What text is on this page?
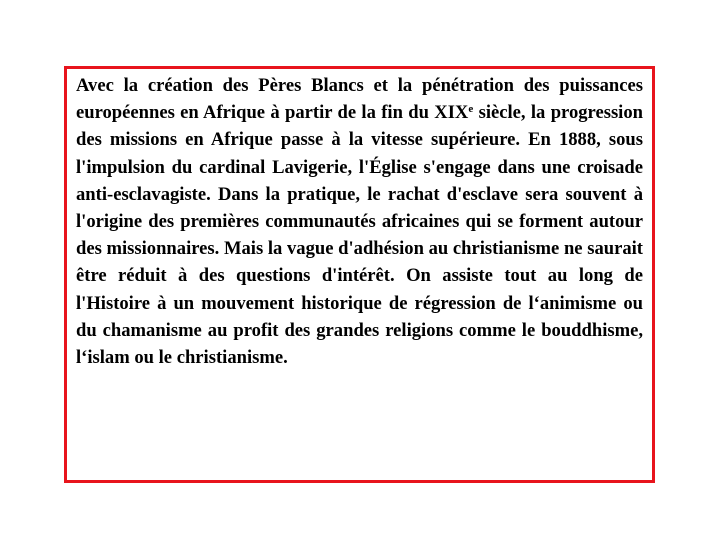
Avec la création des Pères Blancs et la pénétration des puissances européennes en Afrique à partir de la fin du XIXe siècle, la progression des missions en Afrique passe à la vitesse supérieure. En 1888, sous l'impulsion du cardinal Lavigerie, l'Église s'engage dans une croisade anti-esclavagiste. Dans la pratique, le rachat d'esclave sera souvent à l'origine des premières communautés africaines qui se forment autour des missionnaires. Mais la vague d'adhésion au christianisme ne saurait être réduit à des questions d'intérêt. On assiste tout au long de l'Histoire à un mouvement historique de régression de l‘animisme ou du chamanisme au profit des grandes religions comme le bouddhisme, l‘islam ou le christianisme.
